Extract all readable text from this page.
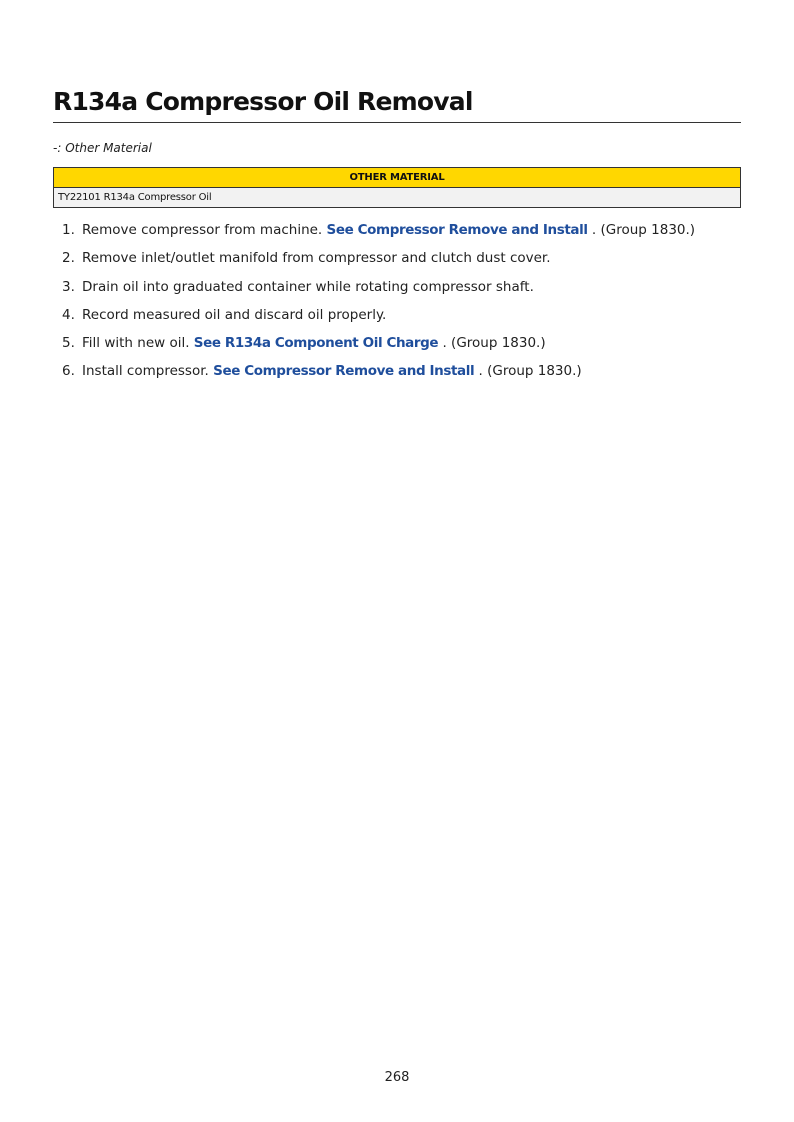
R134a Compressor Oil Removal
-: Other Material
OTHER MATERIAL
TY22101 R134a Compressor Oil
1. Remove compressor from machine. See Compressor Remove and Install . (Group 1830.)
2. Remove inlet/outlet manifold from compressor and clutch dust cover.
3. Drain oil into graduated container while rotating compressor shaft.
4. Record measured oil and discard oil properly.
5. Fill with new oil. See R134a Component Oil Charge . (Group 1830.)
6. Install compressor. See Compressor Remove and Install . (Group 1830.)
268
